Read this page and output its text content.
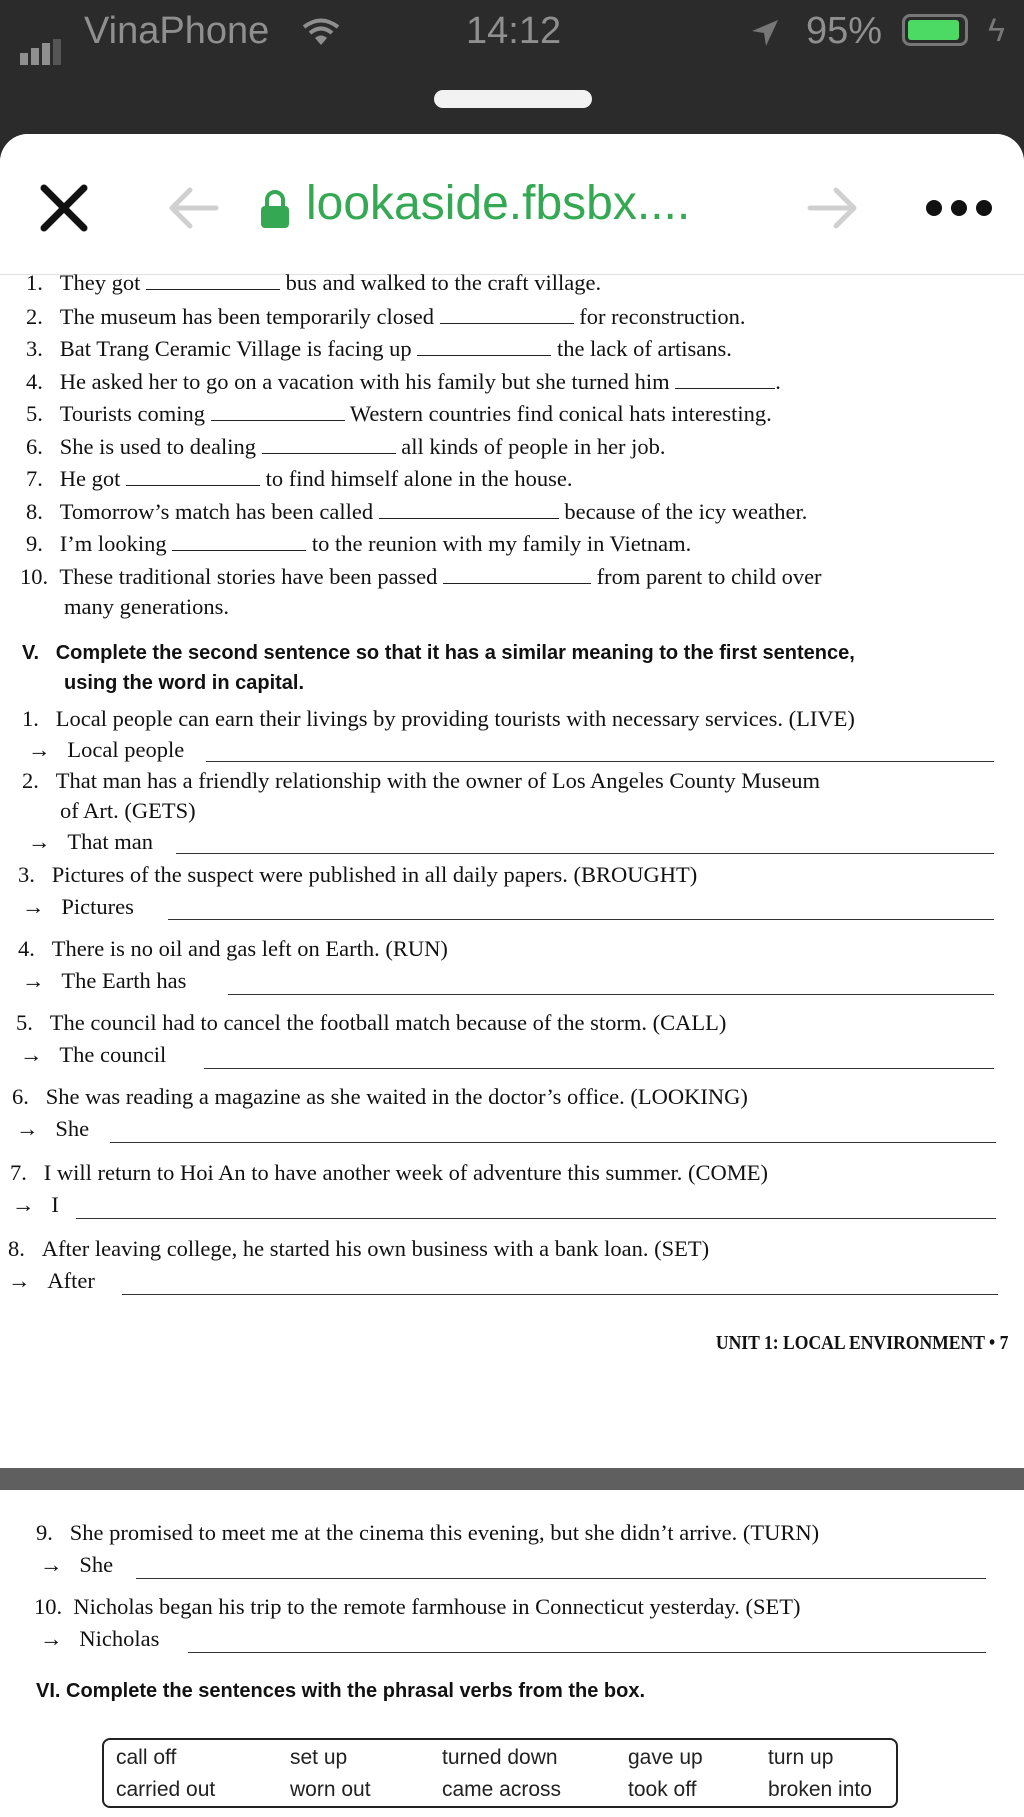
VinaPhone	14:12	95%	ϟ
lookaside.fbsbx....
1. They got	bus and walked to the craft village.
2. The museum has been temporarily closed	for reconstruction.
3. Bat Trang Ceramic Village is facing up	the lack of artisans.
4. He asked her to go on a vacation with his family but she turned him	.
5. Tourists coming	Western countries find conical hats interesting.
6. She is used to dealing	all kinds of people in her job.
7. He got	to find himself alone in the house.
8. Tomorrow’s match has been called	because of the icy weather.
9. I’m looking	to the reunion with my family in Vietnam.
10. These traditional stories have been passed	from parent to child over
many generations.
V. Complete the second sentence so that it has a similar meaning to the first sentence,
using the word in capital.
1. Local people can earn their livings by providing tourists with necessary services. (LIVE)
→ Local people
2. That man has a friendly relationship with the owner of Los Angeles County Museum
of Art. (GETS)
→ That man
3. Pictures of the suspect were published in all daily papers. (BROUGHT)
→ Pictures
4. There is no oil and gas left on Earth. (RUN)
→ The Earth has
5. The council had to cancel the football match because of the storm. (CALL)
→ The council
6. She was reading a magazine as she waited in the doctor’s office. (LOOKING)
→ She
7. I will return to Hoi An to have another week of adventure this summer. (COME)
→ I
8. After leaving college, he started his own business with a bank loan. (SET)
→ After
UNIT 1: LOCAL ENVIRONMENT • 7
9. She promised to meet me at the cinema this evening, but she didn’t arrive. (TURN)
→ She
10. Nicholas began his trip to the remote farmhouse in Connecticut yesterday. (SET)
→ Nicholas
VI. Complete the sentences with the phrasal verbs from the box.
call off	set up	turned down	gave up	turn up
carried out	worn out	came across	took off	broken into
